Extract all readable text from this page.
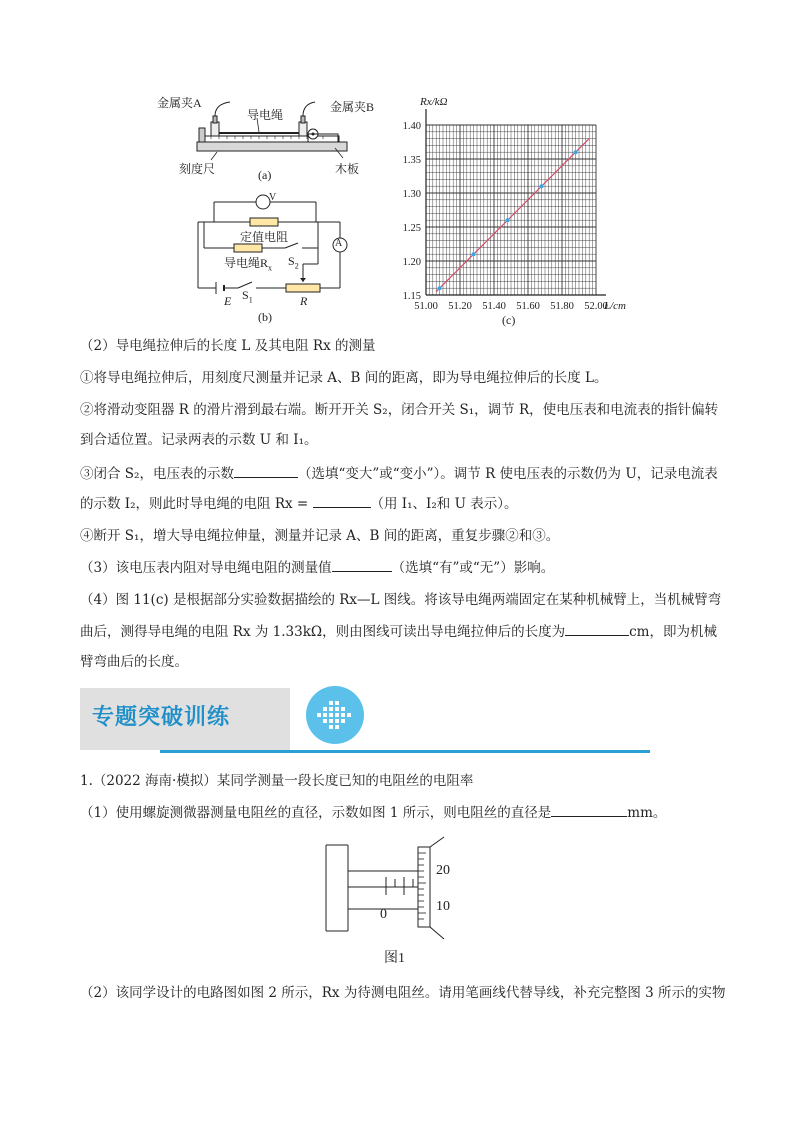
金属夹A
导电绳
金属夹B
刻度尺	木板
(a)
V
A
定值电阻
导电绳$R_x$ $S_2$
E $S_1$	R
(b)
Rx/kΩ
L/cm
51.00 51.20 51.40 51.60 51.80 52.00
1.15
1.20
1.25
1.30
1.35
1.40
(c)
（2）导电绳拉伸后的长度 L 及其电阻 Rx 的测量
①将导电绳拉伸后，用刻度尺测量并记录 A、B 间的距离，即为导电绳拉伸后的长度 L。
②将滑动变阻器 R 的滑片滑到最右端。断开开关 S₂，闭合开关 S₁，调节 R，使电压表和电流表的指针偏转
到合适位置。记录两表的示数 U 和 I₁。
③闭合 S₂，电压表的示数	（选填“变大”或“变小”）。调节 R 使电压表的示数仍为 U，记录电流表
的示数 I₂，则此时导电绳的电阻 Rx =	（用 I₁、I₂和 U 表示）。
④断开 S₁，增大导电绳拉伸量，测量并记录 A、B 间的距离，重复步骤②和③。
（3）该电压表内阻对导电绳电阻的测量值	（选填“有”或“无”）影响。
（4）图 11(c) 是根据部分实验数据描绘的 Rx—L 图线。将该导电绳两端固定在某种机械臂上，当机械臂弯
曲后，测得导电绳的电阻 Rx 为 1.33kΩ，则由图线可读出导电绳拉伸后的长度为	cm，即为机械
臂弯曲后的长度。
专题突破训练
1.（2022 海南·模拟）某同学测量一段长度已知的电阻丝的电阻率
（1）使用螺旋测微器测量电阻丝的直径，示数如图 1 所示，则电阻丝的直径是	mm。
0
20
10
图1
（2）该同学设计的电路图如图 2 所示，Rx 为待测电阻丝。请用笔画线代替导线，补充完整图 3 所示的实物
